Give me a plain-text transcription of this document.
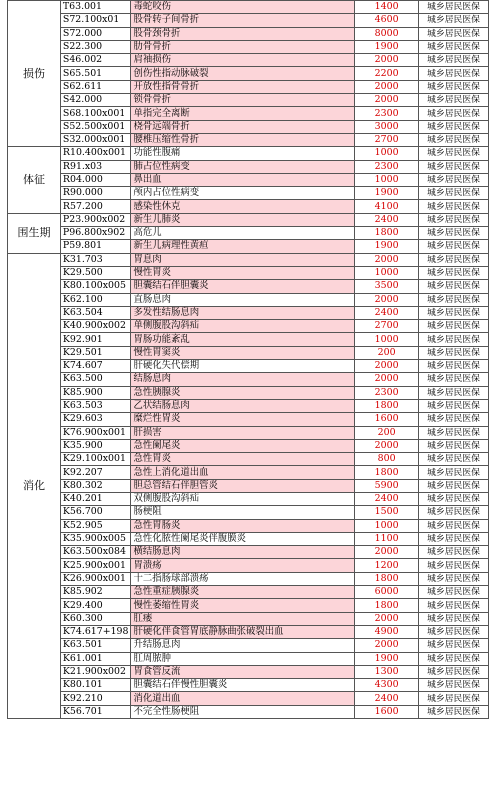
损伤	T63.001	毒蛇咬伤	1400	城乡居民医保
	S72.100x01	股骨转子间骨折	4600	城乡居民医保
	S72.000	股骨颈骨折	8000	城乡居民医保
	S22.300	肋骨骨折	1900	城乡居民医保
	S46.002	肩袖损伤	2000	城乡居民医保
	S65.501	创伤性指动脉破裂	2200	城乡居民医保
	S62.611	开放性指骨骨折	2000	城乡居民医保
	S42.000	锁骨骨折	2000	城乡居民医保
	S68.100x001	单指完全离断	2300	城乡居民医保
	S52.500x001	桡骨远端骨折	3000	城乡居民医保
	S32.000x001	腰椎压缩性骨折	2700	城乡居民医保
体征	R10.400x001	功能性腹痛	1000	城乡居民医保
	R91.x03	肺占位性病变	2300	城乡居民医保
	R04.000	鼻出血	1000	城乡居民医保
	R90.000	颅内占位性病变	1900	城乡居民医保
	R57.200	感染性休克	4100	城乡居民医保
围生期	P23.900x002	新生儿肺炎	2400	城乡居民医保
	P96.800x902	高危儿	1800	城乡居民医保
	P59.801	新生儿病理性黄疸	1900	城乡居民医保
消化	K31.703	胃息肉	2000	城乡居民医保
	K29.500	慢性胃炎	1000	城乡居民医保
	K80.100x005	胆囊结石伴胆囊炎	3500	城乡居民医保
	K62.100	直肠息肉	2000	城乡居民医保
	K63.504	多发性结肠息肉	2400	城乡居民医保
	K40.900x002	单侧腹股沟斜疝	2700	城乡居民医保
	K92.901	胃肠功能紊乱	1000	城乡居民医保
	K29.501	慢性胃窦炎	200	城乡居民医保
	K74.607	肝硬化失代偿期	2000	城乡居民医保
	K63.500	结肠息肉	2000	城乡居民医保
	K85.900	急性胰腺炎	2300	城乡居民医保
	K63.503	乙状结肠息肉	1800	城乡居民医保
	K29.603	糜烂性胃炎	1600	城乡居民医保
	K76.900x001	肝损害	200	城乡居民医保
	K35.900	急性阑尾炎	2000	城乡居民医保
	K29.100x001	急性胃炎	800	城乡居民医保
	K92.207	急性上消化道出血	1800	城乡居民医保
	K80.302	胆总管结石伴胆管炎	5900	城乡居民医保
	K40.201	双侧腹股沟斜疝	2400	城乡居民医保
	K56.700	肠梗阻	1500	城乡居民医保
	K52.905	急性胃肠炎	1000	城乡居民医保
	K35.900x005	急性化脓性阑尾炎伴腹膜炎	1100	城乡居民医保
	K63.500x084	横结肠息肉	2000	城乡居民医保
	K25.900x001	胃溃疡	1200	城乡居民医保
	K26.900x001	十二指肠球部溃疡	1800	城乡居民医保
	K85.902	急性重症胰腺炎	6000	城乡居民医保
	K29.400	慢性萎缩性胃炎	1800	城乡居民医保
	K60.300	肛瘘	2000	城乡居民医保
	K74.617+198	肝硬化伴食管胃底静脉曲张破裂出血	4900	城乡居民医保
	K63.501	升结肠息肉	2000	城乡居民医保
	K61.001	肛周脓肿	1900	城乡居民医保
	K21.900x002	胃食管反流	1300	城乡居民医保
	K80.101	胆囊结石伴慢性胆囊炎	4300	城乡居民医保
	K92.210	消化道出血	2400	城乡居民医保
	K56.701	不完全性肠梗阻	1600	城乡居民医保
